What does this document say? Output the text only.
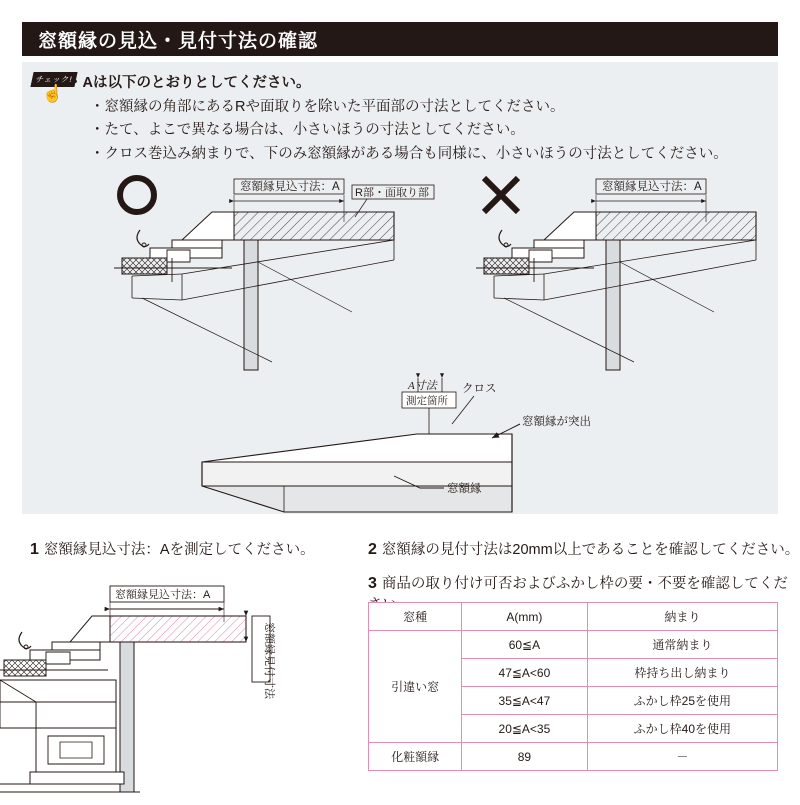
窓額縁の見込・見付寸法の確認
チェック!
☝
・Aは以下のとおりとしてください。
・窓額縁の角部にあるRや面取りを除いた平面部の寸法としてください。
・たて、よこで異なる場合は、小さいほうの寸法としてください。
・クロス巻込み納まりで、下のみ窓額縁がある場合も同様に、小さいほうの寸法としてください。
窓額縁見込寸法：A R部・面取り部	窓額縁見込寸法：A
A寸法
測定箇所
クロス
窓額縁が突出
窓額縁
1 窓額縁見込寸法：Aを測定してください。	2 窓額縁の見付寸法は20mm以上であることを確認してください。
3 商品の取り付け可否およびふかし枠の要・不要を確認してくだ
窓額縁見込寸法：A
窓額縁見付寸法
窓種	A(mm)	納まり
引違い窓	60≦A	通常納まり
	47≦A<60	枠持ち出し納まり
	35≦A<47	ふかし枠25を使用
	20≦A<35	ふかし枠40を使用
化粧額縁	89	－
